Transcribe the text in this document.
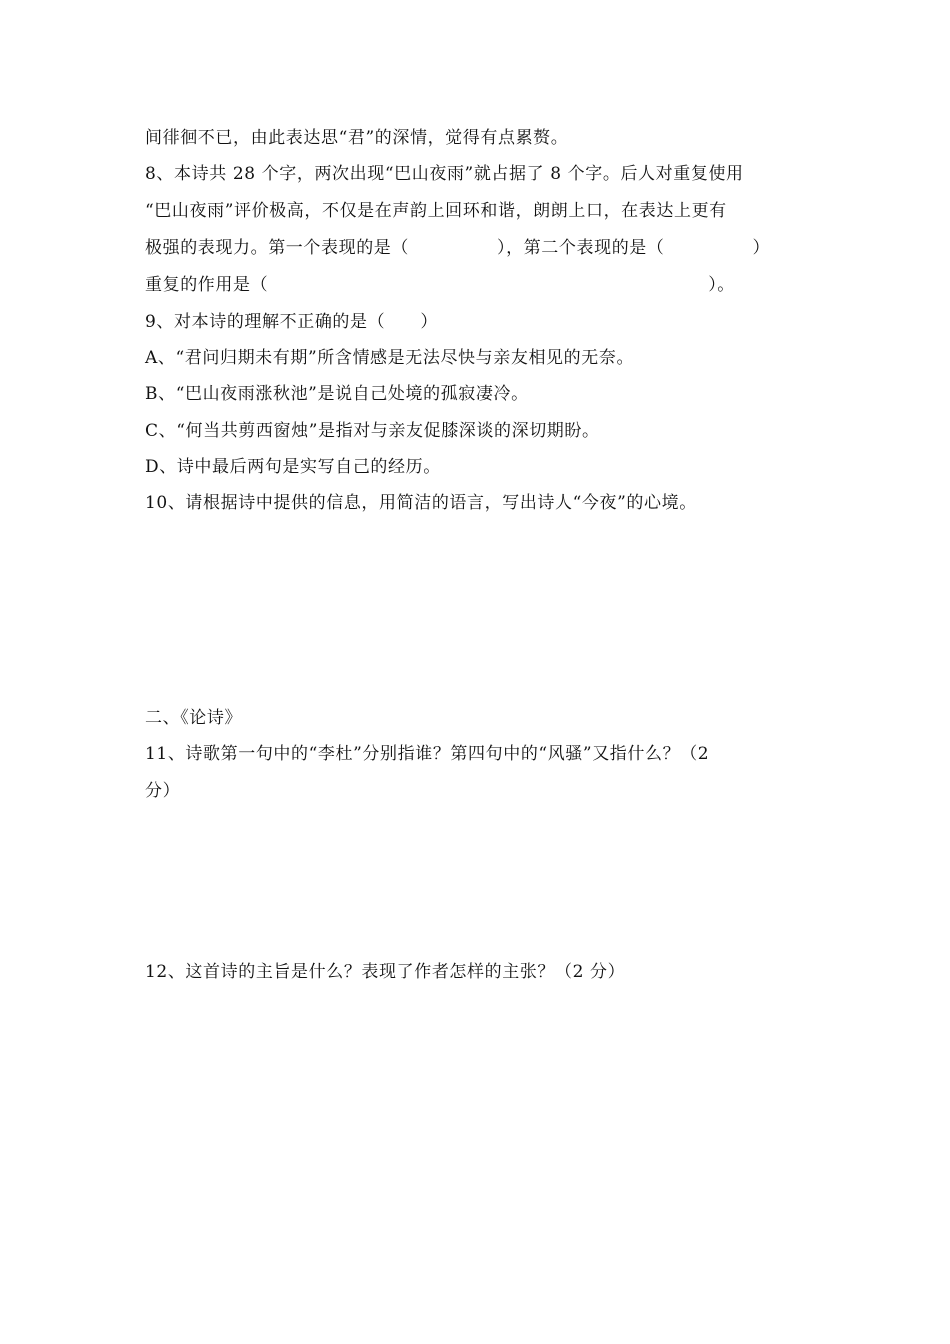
间徘徊不已，由此表达思“君”的深情，觉得有点累赘。
8、本诗共 28 个字，两次出现“巴山夜雨”就占据了 8 个字。后人对重复使用
“巴山夜雨”评价极高，不仅是在声韵上回环和谐，朗朗上口，在表达上更有
极强的表现力。第一个表现的是（　　　　　），第二个表现的是（　　　　　）
重复的作用是（　　　　　　　　　　　　　　　　　　　　　　　　　）。
9、对本诗的理解不正确的是（　　）
A、“君问归期未有期”所含情感是无法尽快与亲友相见的无奈。
B、“巴山夜雨涨秋池”是说自己处境的孤寂凄冷。
C、“何当共剪西窗烛”是指对与亲友促膝深谈的深切期盼。
D、诗中最后两句是实写自己的经历。
10、请根据诗中提供的信息，用简洁的语言，写出诗人“今夜”的心境。
二、《论诗》
11、诗歌第一句中的“李杜”分别指谁？第四句中的“风骚”又指什么？（2
分）
12、这首诗的主旨是什么？表现了作者怎样的主张？（2 分）
